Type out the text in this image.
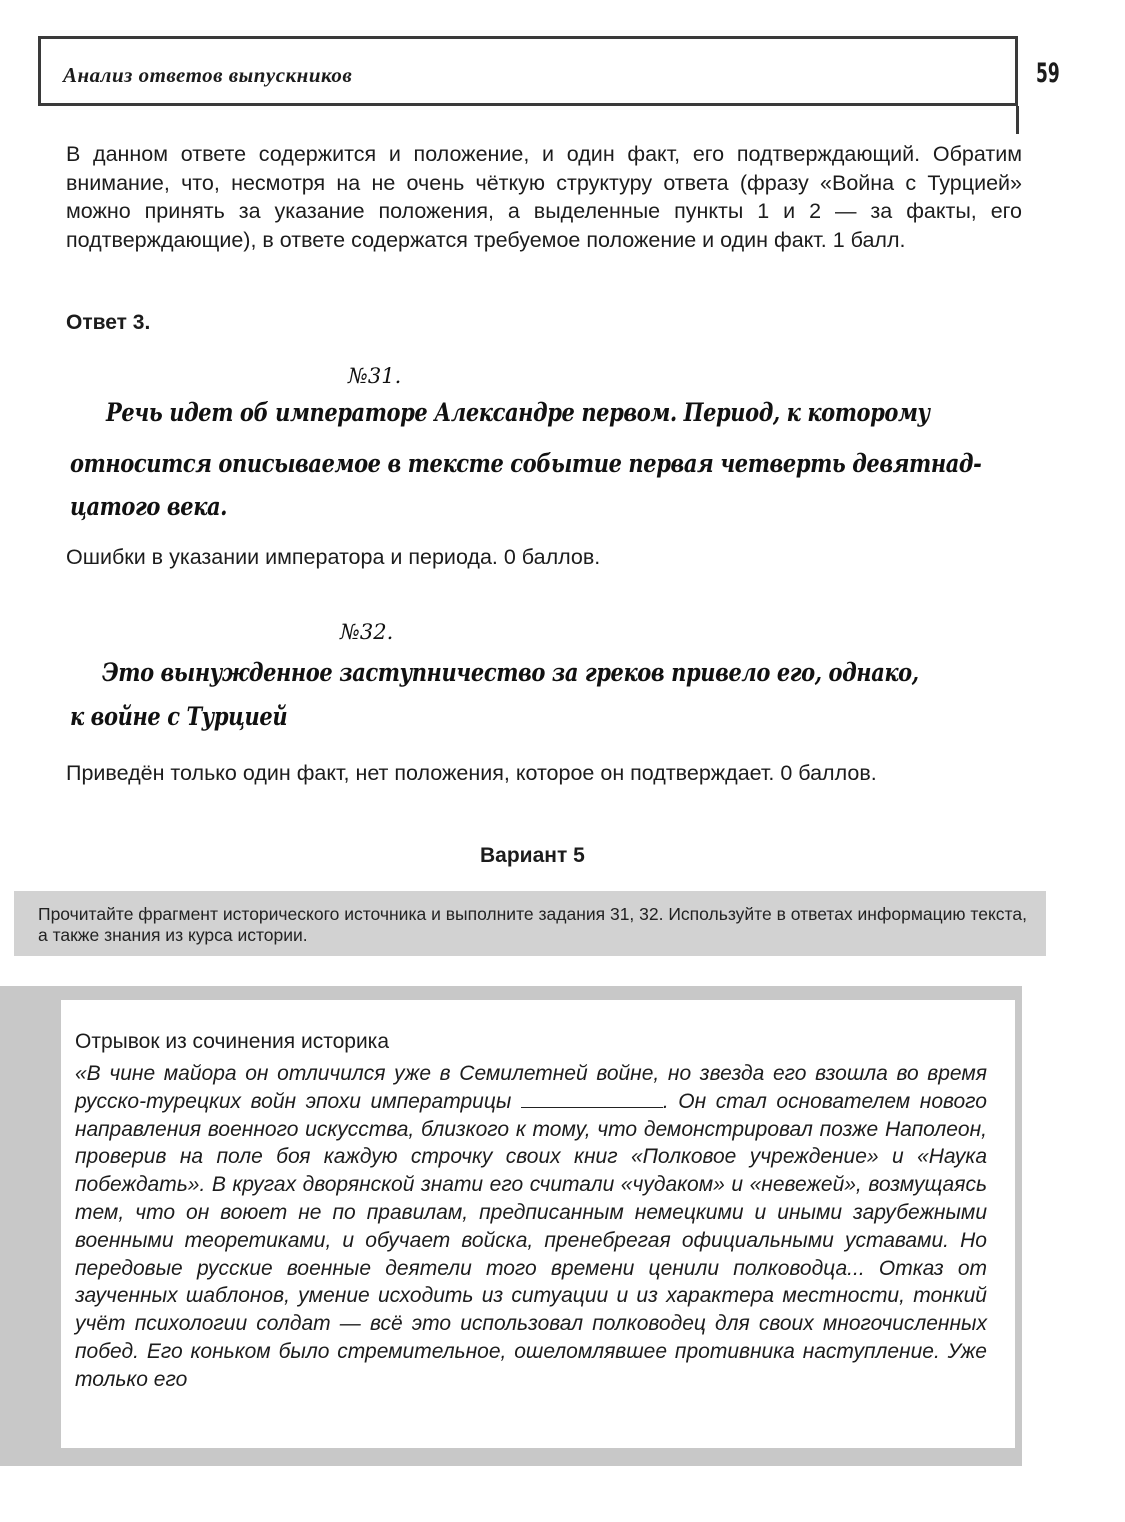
Анализ ответов выпускников	59

В данном ответе содержится и положение, и один факт, его подтверждающий. Обратим внимание, что, несмотря на не очень чёткую структуру ответа (фразу «Война с Турцией» можно принять за указание положения, а выделенные пункты 1 и 2 — за факты, его подтверждающие), в ответе содержатся требуемое положение и один факт. 1 балл.

Ответ 3.
№31.
Речь идет об императоре Александре первом. Период, к которому
относится описываемое в тексте событие первая четверть девятнад-
цатого века.
Ошибки в указании императора и периода. 0 баллов.
№32.
Это вынужденное заступничество за греков привело его, однако,
к войне с Турцией
Приведён только один факт, нет положения, которое он подтверждает. 0 баллов.
Вариант 5
Прочитайте фрагмент исторического источника и выполните задания 31, 32. Используйте в ответах информацию текста, а также знания из курса истории.
Отрывок из сочинения историка
«В чине майора он отличился уже в Семилетней войне, но звезда его взошла во время русско-турецких войн эпохи императрицы	. Он стал основателем нового направления военного искусства, близкого к тому, что демонстрировал позже Наполеон, проверив на поле боя каждую строчку своих книг «Полковое учреждение» и «Наука побеждать». В кругах дворянской знати его считали «чудаком» и «невежей», возмущаясь тем, что он воюет не по правилам, предписанным немецкими и иными зарубежными военными теоретиками, и обучает войска, пренебрегая официальными уставами. Но передовые русские военные деятели того времени ценили полководца... Отказ от заученных шаблонов, умение исходить из ситуации и из характера местности, тонкий учёт психологии солдат — всё это использовал полководец для своих многочисленных побед. Его коньком было стремительное, ошеломлявшее противника наступление. Уже только его
